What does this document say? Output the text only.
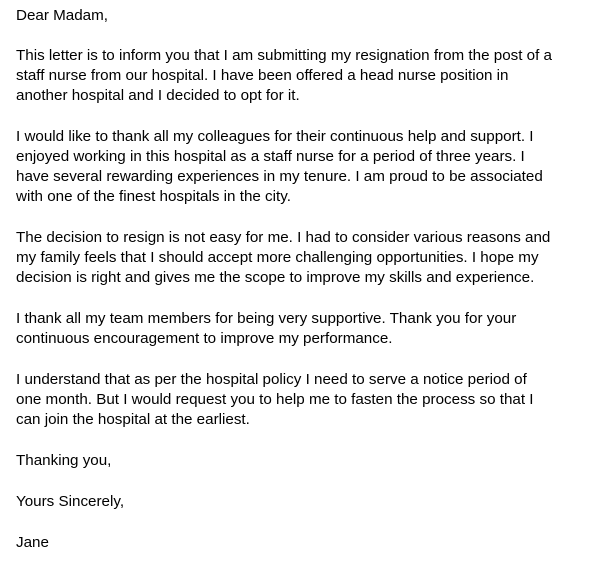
Dear Madam,

This letter is to inform you that I am submitting my resignation from the post of a
staff nurse from our hospital. I have been offered a head nurse position in
another hospital and I decided to opt for it.

I would like to thank all my colleagues for their continuous help and support. I
enjoyed working in this hospital as a staff nurse for a period of three years. I
have several rewarding experiences in my tenure. I am proud to be associated
with one of the finest hospitals in the city.

The decision to resign is not easy for me. I had to consider various reasons and
my family feels that I should accept more challenging opportunities. I hope my
decision is right and gives me the scope to improve my skills and experience.

I thank all my team members for being very supportive. Thank you for your
continuous encouragement to improve my performance.

I understand that as per the hospital policy I need to serve a notice period of
one month. But I would request you to help me to fasten the process so that I
can join the hospital at the earliest.

Thanking you,

Yours Sincerely,

Jane
